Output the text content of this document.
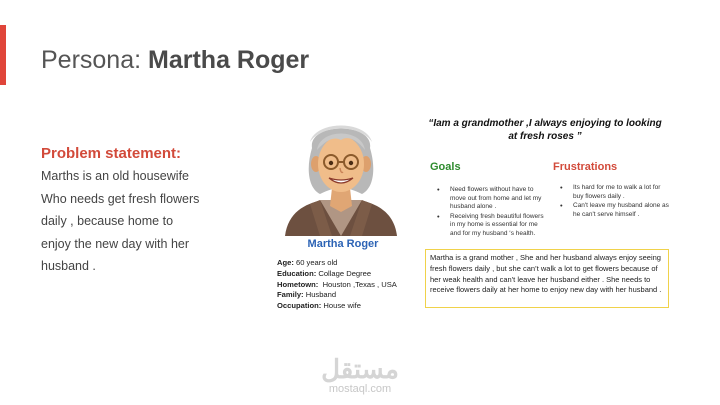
Persona: Martha Roger
Problem statement:
Marths is an old housewife
Who needs get fresh flowers
daily , because home to
enjoy the new day with her
husband .
Martha Roger
Age: 60 years old
Education: Collage Degree
Hometown:  Houston ,Texas , USA
Family: Husband
Occupation: House wife
“Iam a grandmother ,I always enjoying to looking at fresh roses ”
Goals
• Need flowers without have to move out from home and let my husband alone .
• Receiving fresh beautiful flowers in my home is essential for me and for my husband ‘s health.
Frustrations
• Its hard for me to walk a lot for buy flowers daily .
• Can't leave my husband alone as he can't serve himself .
Martha is a grand mother , She and her husband always enjoy seeing fresh flowers daily , but she can’t walk a lot to get flowers because of her weak health and can't leave her husband either . She needs to receive flowers daily at her home to enjoy new day with her husband .
مستقل
mostaql.com
